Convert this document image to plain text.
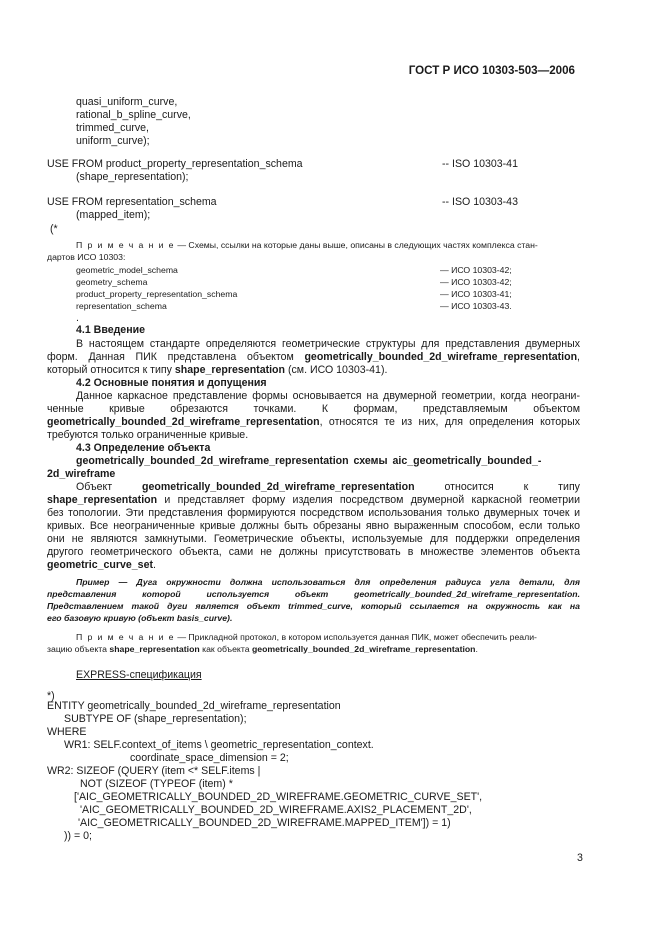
ГОСТ Р ИСО 10303-503—2006
quasi_uniform_curve,
rational_b_spline_curve,
trimmed_curve,
uniform_curve);
USE FROM product_property_representation_schema	-- ISO 10303-41
(shape_representation);
USE FROM representation_schema	-- ISO 10303-43
(mapped_item);
(*
П р и м е ч а н и е — Схемы, ссылки на которые даны выше, описаны в следующих частях комплекса стан-
дартов ИСО 10303:
geometric_model_schema	— ИСО 10303-42;
geometry_schema	— ИСО 10303-42;
product_property_representation_schema	— ИСО 10303-41;
representation_schema	— ИСО 10303-43.
.
4.1 Введение
В настоящем стандарте определяются геометрические структуры для представления двумерных
форм. Данная ПИК представлена объектом geometrically_bounded_2d_wireframe_representation,
который относится к типу shape_representation (см. ИСО 10303-41).
4.2 Основные понятия и допущения
Данное каркасное представление формы основывается на двумерной геометрии, когда неограни-
ченные кривые обрезаются точками. К формам, представляемым объектом
geometrically_bounded_2d_wireframe_representation, относятся те из них, для определения которых
требуются только ограниченные кривые.
4.3 Определение объекта
geometrically_bounded_2d_wireframe_representation схемы aic_geometrically_bounded_-
2d_wireframe
Объект geometrically_bounded_2d_wireframe_representation относится к типу
shape_representation и представляет форму изделия посредством двумерной каркасной геометрии
без топологии. Эти представления формируются посредством использования только двумерных точек и
кривых. Все неограниченные кривые должны быть обрезаны явно выраженным способом, если только
они не являются замкнутыми. Геометрические объекты, используемые для поддержки определения
другого геометрического объекта, сами не должны присутствовать в множестве элементов объекта
geometric_curve_set.
Пример — Дуга окружности должна использоваться для определения радиуса угла детали, для
представления которой используется объект geometrically_bounded_2d_wireframe_representation.
Представлением такой дуги является объект trimmed_curve, который ссылается на окружность как на
его базовую кривую (объект basis_curve).
П р и м е ч а н и е — Прикладной протокол, в котором используется данная ПИК, может обеспечить реали-
зацию объекта shape_representation как объекта geometrically_bounded_2d_wireframe_representation.
EXPRESS-спецификация
*)
ENTITY geometrically_bounded_2d_wireframe_representation
SUBTYPE OF (shape_representation);
WHERE
WR1: SELF.context_of_items \ geometric_representation_context.
coordinate_space_dimension = 2;
WR2: SIZEOF (QUERY (item <* SELF.items |
NOT (SIZEOF (TYPEOF (item) *
['AIC_GEOMETRICALLY_BOUNDED_2D_WIREFRAME.GEOMETRIC_CURVE_SET',
'AIC_GEOMETRICALLY_BOUNDED_2D_WIREFRAME.AXIS2_PLACEMENT_2D',
'AIC_GEOMETRICALLY_BOUNDED_2D_WIREFRAME.MAPPED_ITEM']) = 1)
)) = 0;
3
